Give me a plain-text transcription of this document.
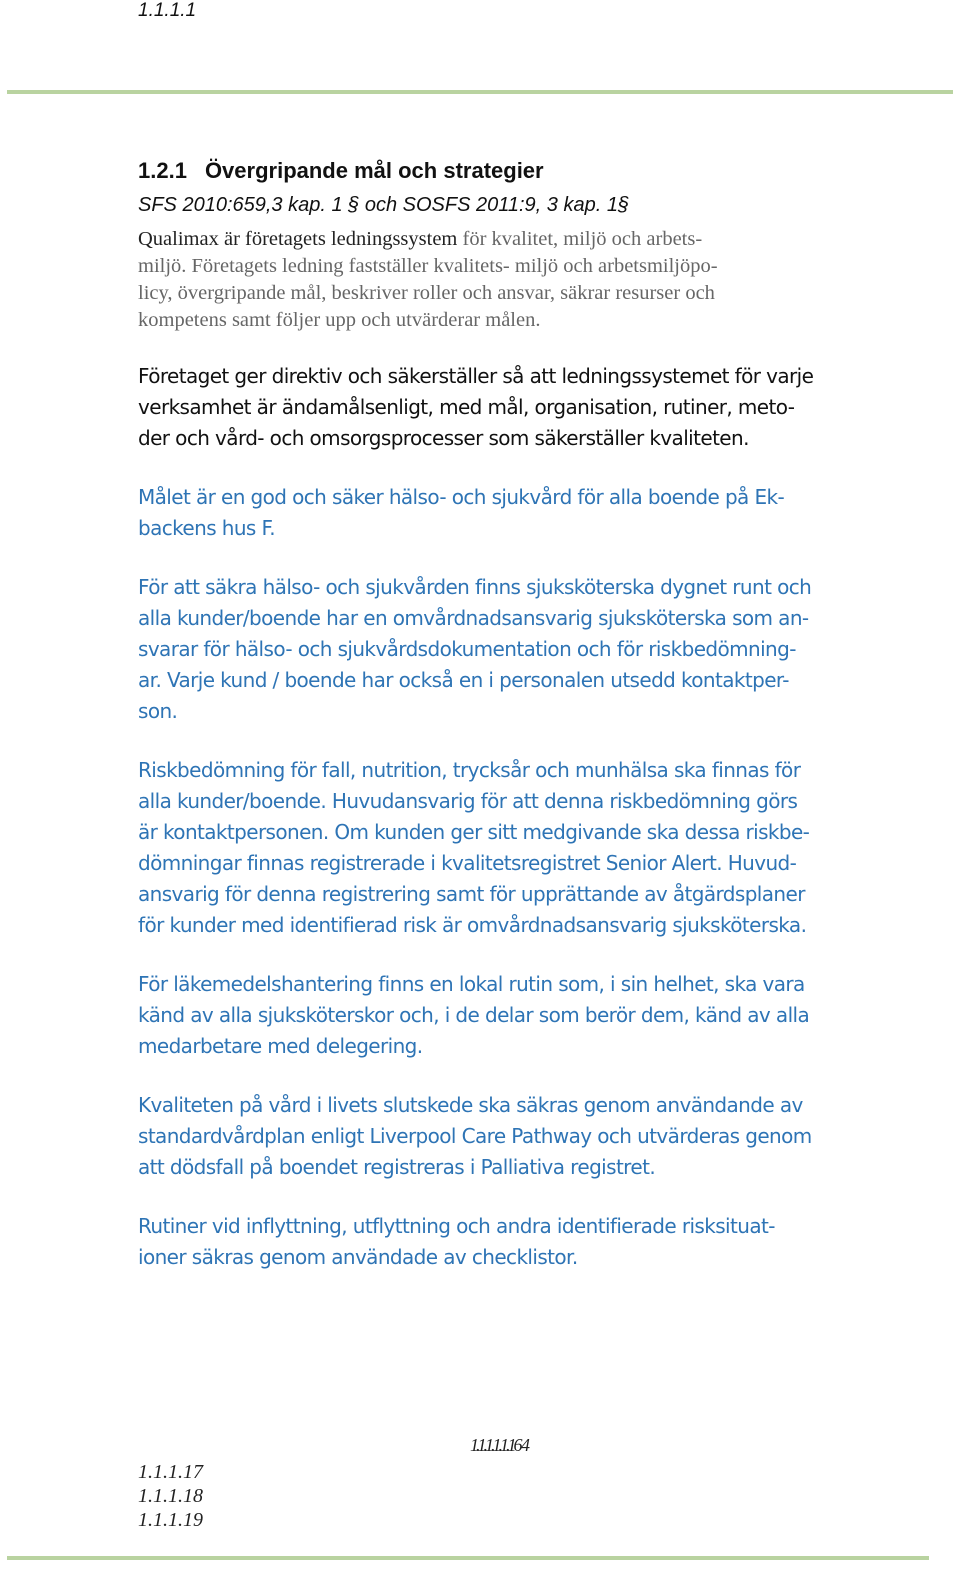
1.1.1.1
1.2.1 Övergripande mål och strategier
SFS 2010:659,3 kap. 1 § och SOSFS 2011:9, 3 kap. 1§
Qualimax är företagets ledningssystem för kvalitet, miljö och arbets-
miljö. Företagets ledning fastställer kvalitets- miljö och arbetsmiljöpo-
licy, övergripande mål, beskriver roller och ansvar, säkrar resurser och
kompetens samt följer upp och utvärderar målen.
Företaget ger direktiv och säkerställer så att ledningssystemet för varje
verksamhet är ändamålsenligt, med mål, organisation, rutiner, meto-
der och vård- och omsorgsprocesser som säkerställer kvaliteten.
Målet är en god och säker hälso- och sjukvård för alla boende på Ek-
backens hus F.
För att säkra hälso- och sjukvården finns sjuksköterska dygnet runt och
alla kunder/boende har en omvårdnadsansvarig sjuksköterska som an-
svarar för hälso- och sjukvårdsdokumentation och för riskbedömning-
ar. Varje kund / boende har också en i personalen utsedd kontaktper-
son.
Riskbedömning för fall, nutrition, trycksår och munhälsa ska finnas för
alla kunder/boende. Huvudansvarig för att denna riskbedömning görs
är kontaktpersonen. Om kunden ger sitt medgivande ska dessa riskbe-
dömningar finnas registrerade i kvalitetsregistret Senior Alert. Huvud-
ansvarig för denna registrering samt för upprättande av åtgärdsplaner
för kunder med identifierad risk är omvårdnadsansvarig sjuksköterska.
För läkemedelshantering finns en lokal rutin som, i sin helhet, ska vara
känd av alla sjuksköterskor och, i de delar som berör dem, känd av alla
medarbetare med delegering.
Kvaliteten på vård i livets slutskede ska säkras genom användande av
standardvårdplan enligt Liverpool Care Pathway och utvärderas genom
att dödsfall på boendet registreras i Palliativa registret.
Rutiner vid inflyttning, utflyttning och andra identifierade risksituat-
ioner säkras genom användade av checklistor.
1.1.1.1.1.16 4
1.1.1.17
1.1.1.18
1.1.1.19
